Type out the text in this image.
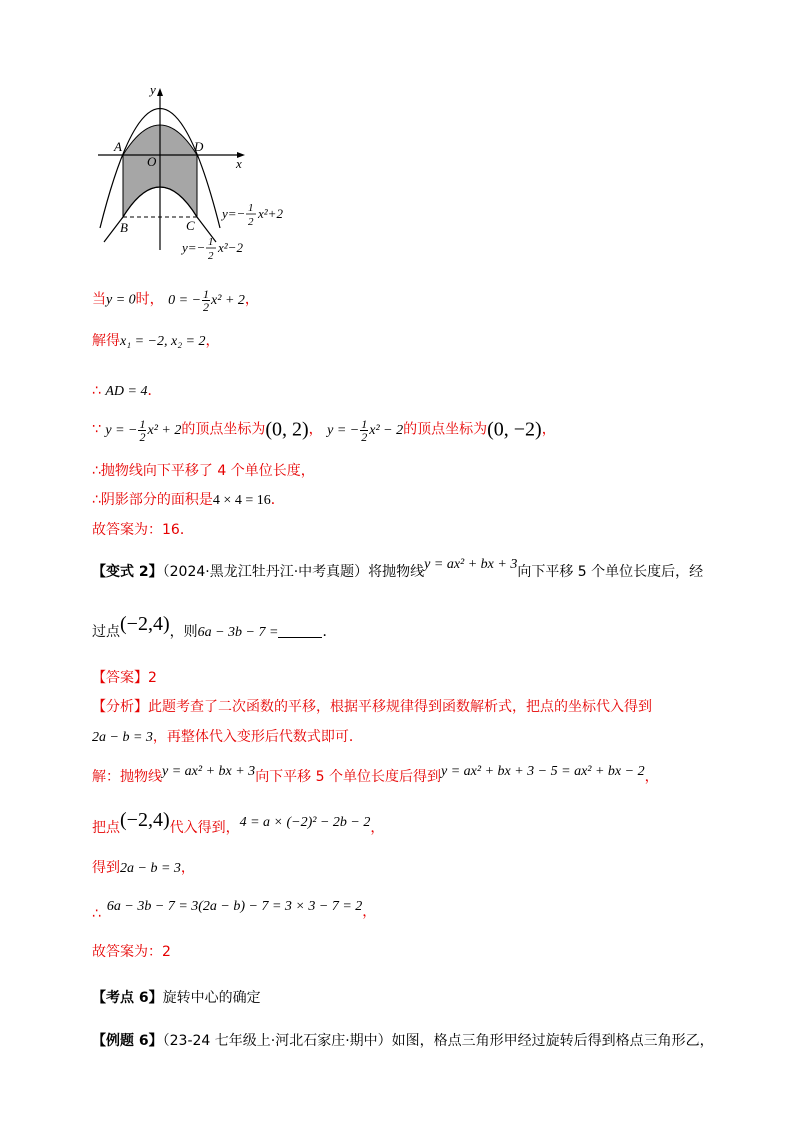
y
x
A
O
D
B	C
y=− 1
2
x²+2
y=− 1
2
x²−2
当y = 0时， 0 = − $\frac{1}{2} x^2 + 2$，
解得x₁ = −2, x₂ = 2，
∴ AD = 4．
∵ y = − $\frac{1}{2} x^2 + 2$的顶点坐标为(0, 2)， y = − $\frac{1}{2} x^2 - 2$的顶点坐标为(0, −2)，
∴抛物线向下平移了 4 个单位长度，
∴阴影部分的面积是4 × 4 = 16．
故答案为：16．
【变式 2】（2024·黑龙江牡丹江·中考真题）将抛物线y = ax² + bx + 3向下平移 5 个单位长度后，经
过点(−2,4)，则6a − 3b − 7 =	．
【答案】2
【分析】此题考查了二次函数的平移，根据平移规律得到函数解析式，把点的坐标代入得到
2a − b = 3，再整体代入变形后代数式即可．
解：抛物线y = ax² + bx + 3向下平移 5 个单位长度后得到y = ax² + bx + 3 − 5 = ax² + bx − 2，
把点(−2,4)代入得到，4 = a × (−2)² − 2b − 2，
得到2a − b = 3，
∴ 6a − 3b − 7 = 3(2a − b) − 7 = 3 × 3 − 7 = 2，
故答案为：2
【考点 6】旋转中心的确定
【例题 6】（23-24 七年级上·河北石家庄·期中）如图，格点三角形甲经过旋转后得到格点三角形乙，
